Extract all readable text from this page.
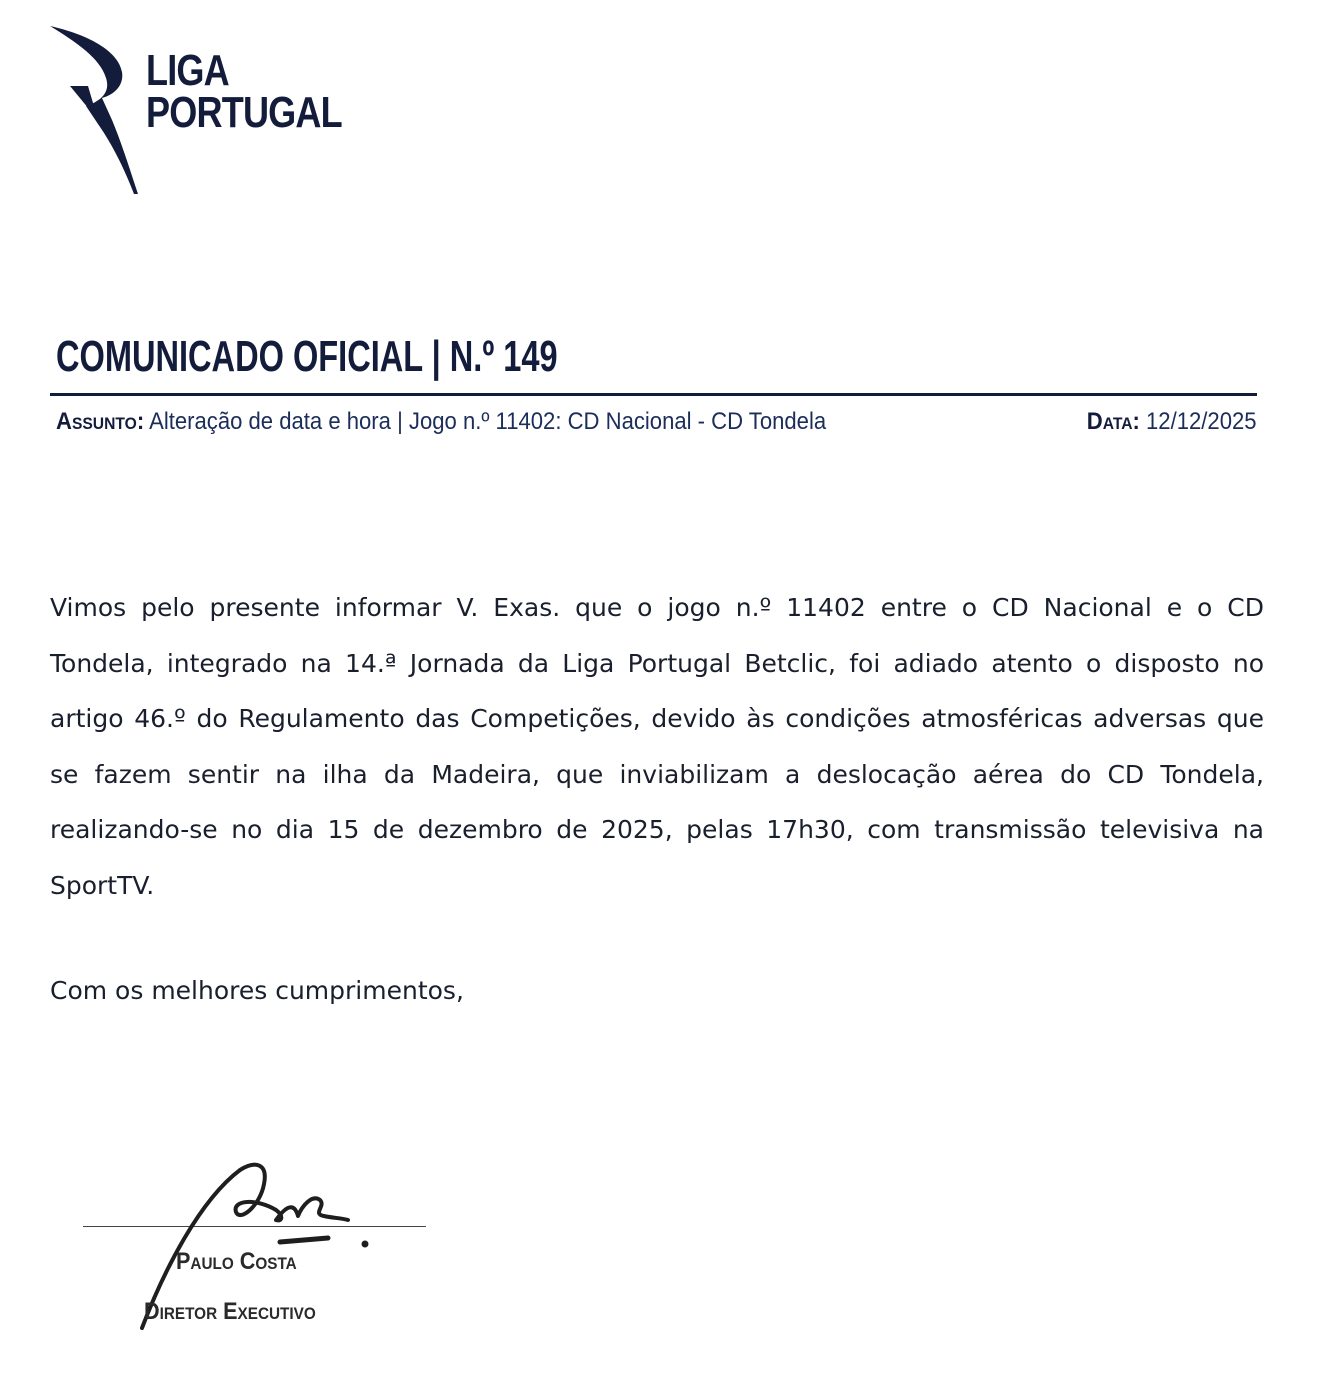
LIGA
PORTUGAL
COMUNICADO OFICIAL | N.º 149
Assunto: Alteração de data e hora | Jogo n.º 11402: CD Nacional - CD Tondela	Data: 12/12/2025
Vimos pelo presente informar V. Exas. que o jogo n.º 11402 entre o CD Nacional e o CD Tondela, integrado na 14.ª Jornada da Liga Portugal Betclic, foi adiado atento o disposto no artigo 46.º do Regulamento das Competições, devido às condições atmosféricas adversas que se fazem sentir na ilha da Madeira, que inviabilizam a deslocação aérea do CD Tondela, realizando-se no dia 15 de dezembro de 2025, pelas 17h30, com transmissão televisiva na SportTV.
Com os melhores cumprimentos,
Paulo Costa
Diretor Executivo
